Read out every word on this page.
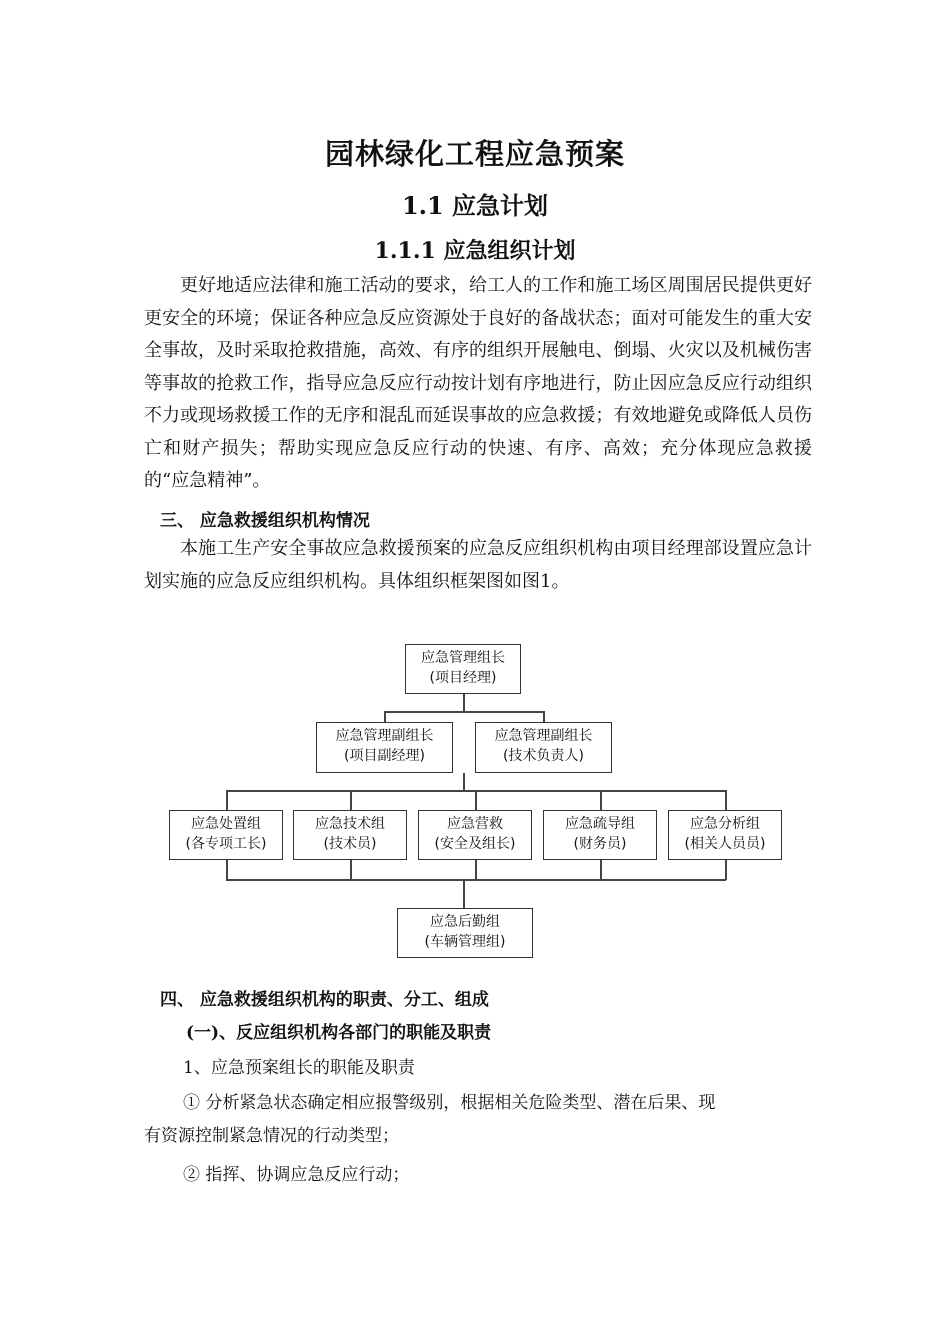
园林绿化工程应急预案
1.1 应急计划
1.1.1 应急组织计划

更好地适应法律和施工活动的要求，给工人的工作和施工场区周围居民提供更好更安全的环境；保证各种应急反应资源处于良好的备战状态；面对可能发生的重大安全事故，及时采取抢救措施，高效、有序的组织开展触电、倒塌、火灾以及机械伤害等事故的抢救工作，指导应急反应行动按计划有序地进行，防止因应急反应行动组织不力或现场救援工作的无序和混乱而延误事故的应急救援；有效地避免或降低人员伤亡和财产损失；帮助实现应急反应行动的快速、有序、高效；充分体现应急救援的“应急精神”。

三、 应急救援组织机构情况

本施工生产安全事故应急救援预案的应急反应组织机构由项目经理部设置应急计划实施的应急反应组织机构。具体组织框架图如图1。

应急管理组长
(项目经理)
应急管理副组长
(项目副经理)
应急管理副组长
(技术负责人)
应急处置组
(各专项工长)
应急技术组
(技术员)
应急营救
(安全及组长)
应急疏导组
(财务员)
应急分析组
(相关人员员)
应急后勤组
(车辆管理组)

四、 应急救援组织机构的职责、分工、组成

(一)、反应组织机构各部门的职能及职责

1、应急预案组长的职能及职责

① 分析紧急状态确定相应报警级别，根据相关危险类型、潜在后果、现

有资源控制紧急情况的行动类型；

② 指挥、协调应急反应行动；
